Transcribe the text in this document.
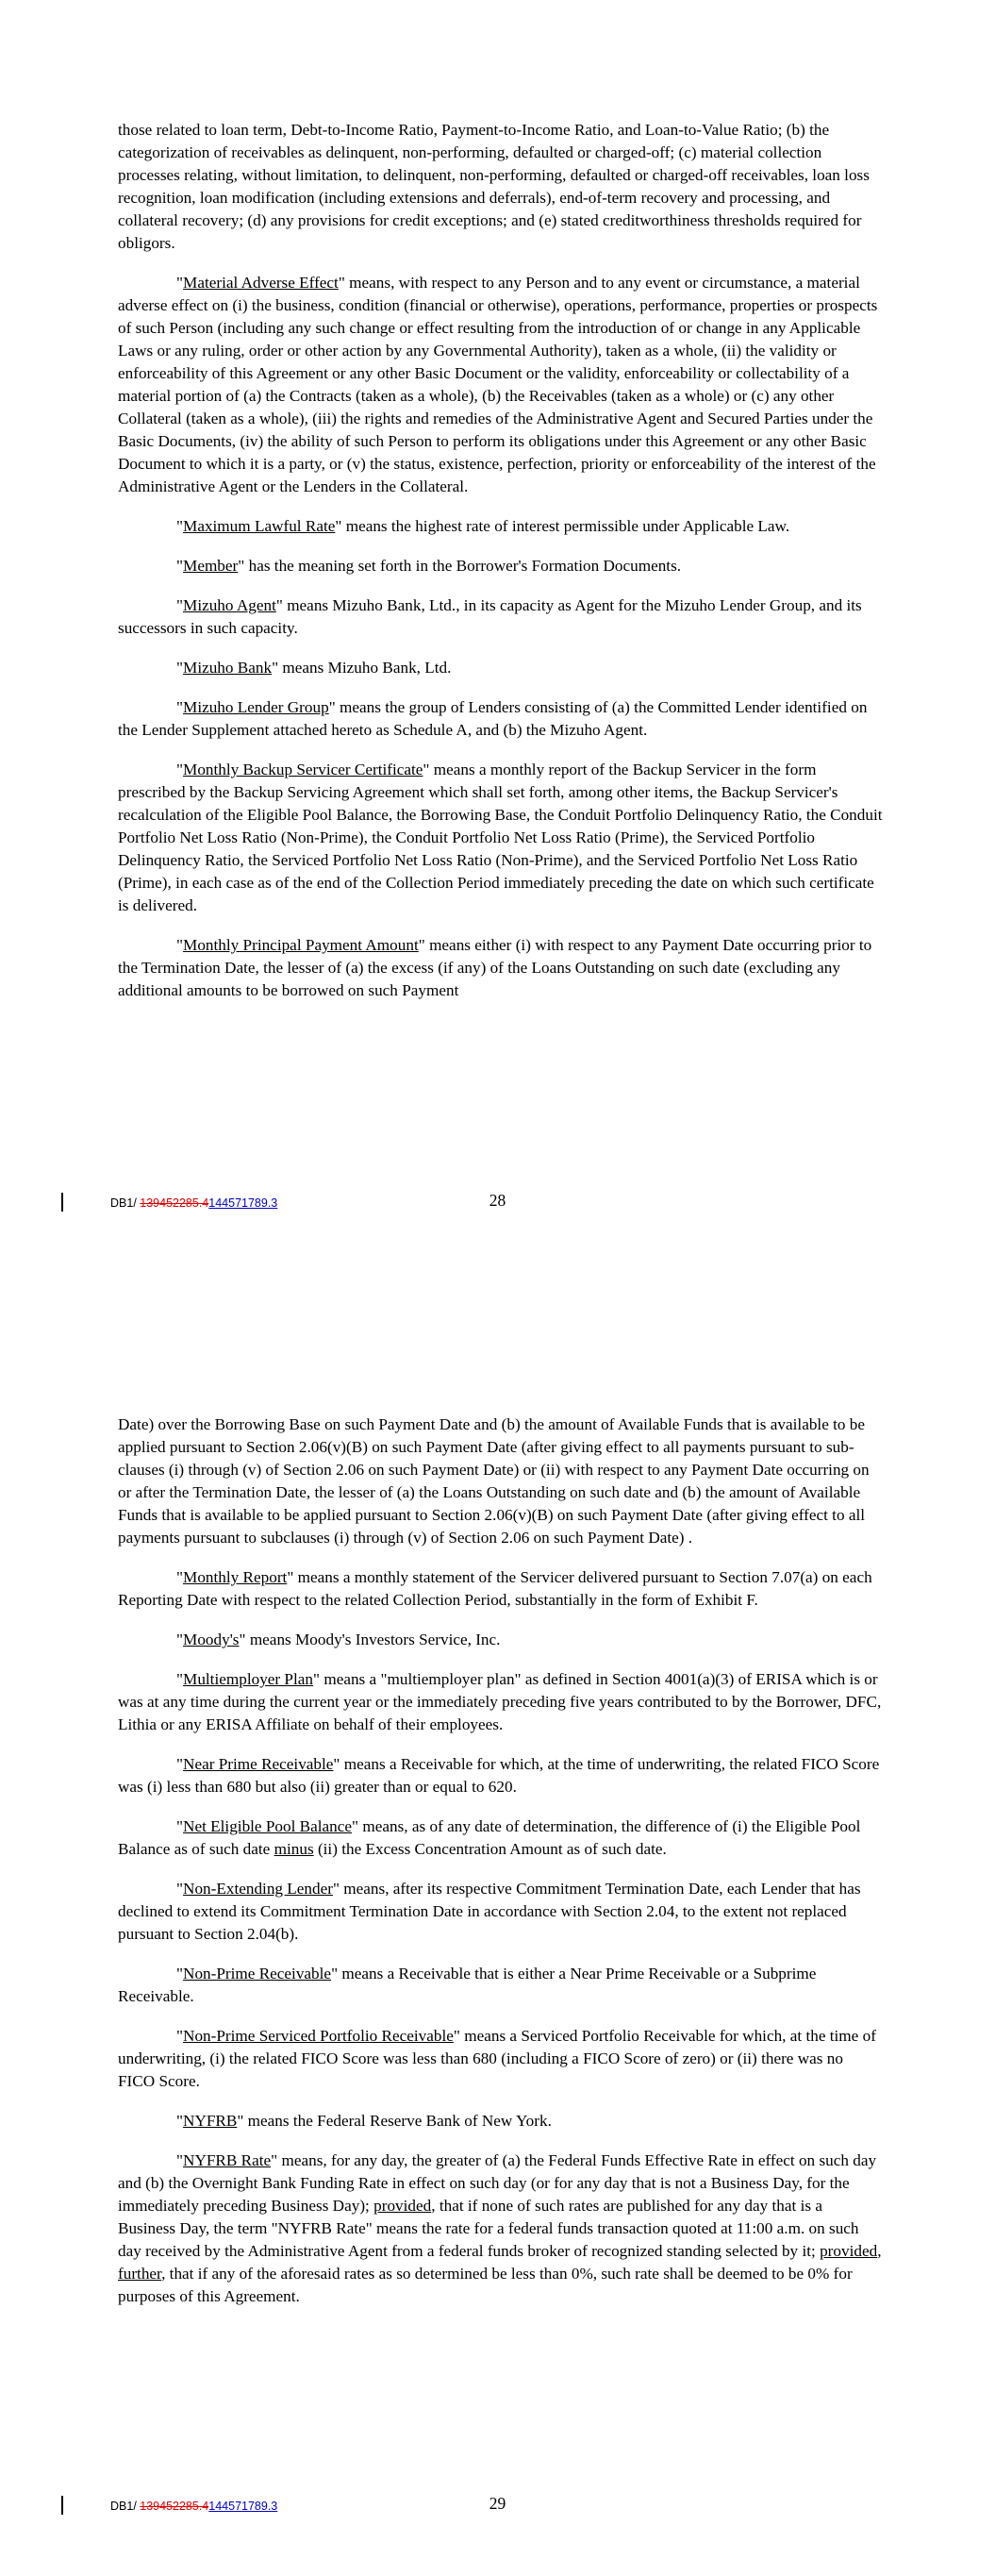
those related to loan term, Debt-to-Income Ratio, Payment-to-Income Ratio, and Loan-to-Value Ratio; (b) the categorization of receivables as delinquent, non-performing, defaulted or charged-off; (c) material collection processes relating, without limitation, to delinquent, non-performing, defaulted or charged-off receivables, loan loss recognition, loan modification (including extensions and deferrals), end-of-term recovery and processing, and collateral recovery; (d) any provisions for credit exceptions; and (e) stated creditworthiness thresholds required for obligors.

"Material Adverse Effect" means, with respect to any Person and to any event or circumstance, a material adverse effect on (i) the business, condition (financial or otherwise), operations, performance, properties or prospects of such Person (including any such change or effect resulting from the introduction of or change in any Applicable Laws or any ruling, order or other action by any Governmental Authority), taken as a whole, (ii) the validity or enforceability of this Agreement or any other Basic Document or the validity, enforceability or collectability of a material portion of (a) the Contracts (taken as a whole), (b) the Receivables (taken as a whole) or (c) any other Collateral (taken as a whole), (iii) the rights and remedies of the Administrative Agent and Secured Parties under the Basic Documents, (iv) the ability of such Person to perform its obligations under this Agreement or any other Basic Document to which it is a party, or (v) the status, existence, perfection, priority or enforceability of the interest of the Administrative Agent or the Lenders in the Collateral.

"Maximum Lawful Rate" means the highest rate of interest permissible under Applicable Law.

"Member" has the meaning set forth in the Borrower's Formation Documents.

"Mizuho Agent" means Mizuho Bank, Ltd., in its capacity as Agent for the Mizuho Lender Group, and its successors in such capacity.

"Mizuho Bank" means Mizuho Bank, Ltd.

"Mizuho Lender Group" means the group of Lenders consisting of (a) the Committed Lender identified on the Lender Supplement attached hereto as Schedule A, and (b) the Mizuho Agent.

"Monthly Backup Servicer Certificate" means a monthly report of the Backup Servicer in the form prescribed by the Backup Servicing Agreement which shall set forth, among other items, the Backup Servicer's recalculation of the Eligible Pool Balance, the Borrowing Base, the Conduit Portfolio Delinquency Ratio, the Conduit Portfolio Net Loss Ratio (Non-Prime), the Conduit Portfolio Net Loss Ratio (Prime), the Serviced Portfolio Delinquency Ratio, the Serviced Portfolio Net Loss Ratio (Non-Prime), and the Serviced Portfolio Net Loss Ratio (Prime), in each case as of the end of the Collection Period immediately preceding the date on which such certificate is delivered.

"Monthly Principal Payment Amount" means either (i) with respect to any Payment Date occurring prior to the Termination Date, the lesser of (a) the excess (if any) of the Loans Outstanding on such date (excluding any additional amounts to be borrowed on such Payment

DB1/ 139452285.4144571789.3	28

Date) over the Borrowing Base on such Payment Date and (b) the amount of Available Funds that is available to be applied pursuant to Section 2.06(v)(B) on such Payment Date (after giving effect to all payments pursuant to sub-clauses (i) through (v) of Section 2.06 on such Payment Date) or (ii) with respect to any Payment Date occurring on or after the Termination Date, the lesser of (a) the Loans Outstanding on such date and (b) the amount of Available Funds that is available to be applied pursuant to Section 2.06(v)(B) on such Payment Date (after giving effect to all payments pursuant to subclauses (i) through (v) of Section 2.06 on such Payment Date) .

"Monthly Report" means a monthly statement of the Servicer delivered pursuant to Section 7.07(a) on each Reporting Date with respect to the related Collection Period, substantially in the form of Exhibit F.

"Moody's" means Moody's Investors Service, Inc.

"Multiemployer Plan" means a "multiemployer plan" as defined in Section 4001(a)(3) of ERISA which is or was at any time during the current year or the immediately preceding five years contributed to by the Borrower, DFC, Lithia or any ERISA Affiliate on behalf of their employees.

"Near Prime Receivable" means a Receivable for which, at the time of underwriting, the related FICO Score was (i) less than 680 but also (ii) greater than or equal to 620.

"Net Eligible Pool Balance" means, as of any date of determination, the difference of (i) the Eligible Pool Balance as of such date minus (ii) the Excess Concentration Amount as of such date.

"Non-Extending Lender" means, after its respective Commitment Termination Date, each Lender that has declined to extend its Commitment Termination Date in accordance with Section 2.04, to the extent not replaced pursuant to Section 2.04(b).

"Non-Prime Receivable" means a Receivable that is either a Near Prime Receivable or a Subprime Receivable.

"Non-Prime Serviced Portfolio Receivable" means a Serviced Portfolio Receivable for which, at the time of underwriting, (i) the related FICO Score was less than 680 (including a FICO Score of zero) or (ii) there was no FICO Score.

"NYFRB" means the Federal Reserve Bank of New York.

"NYFRB Rate" means, for any day, the greater of (a) the Federal Funds Effective Rate in effect on such day and (b) the Overnight Bank Funding Rate in effect on such day (or for any day that is not a Business Day, for the immediately preceding Business Day); provided, that if none of such rates are published for any day that is a Business Day, the term "NYFRB Rate" means the rate for a federal funds transaction quoted at 11:00 a.m. on such day received by the Administrative Agent from a federal funds broker of recognized standing selected by it; provided, further, that if any of the aforesaid rates as so determined be less than 0%, such rate shall be deemed to be 0% for purposes of this Agreement.

DB1/ 139452285.4144571789.3	29
